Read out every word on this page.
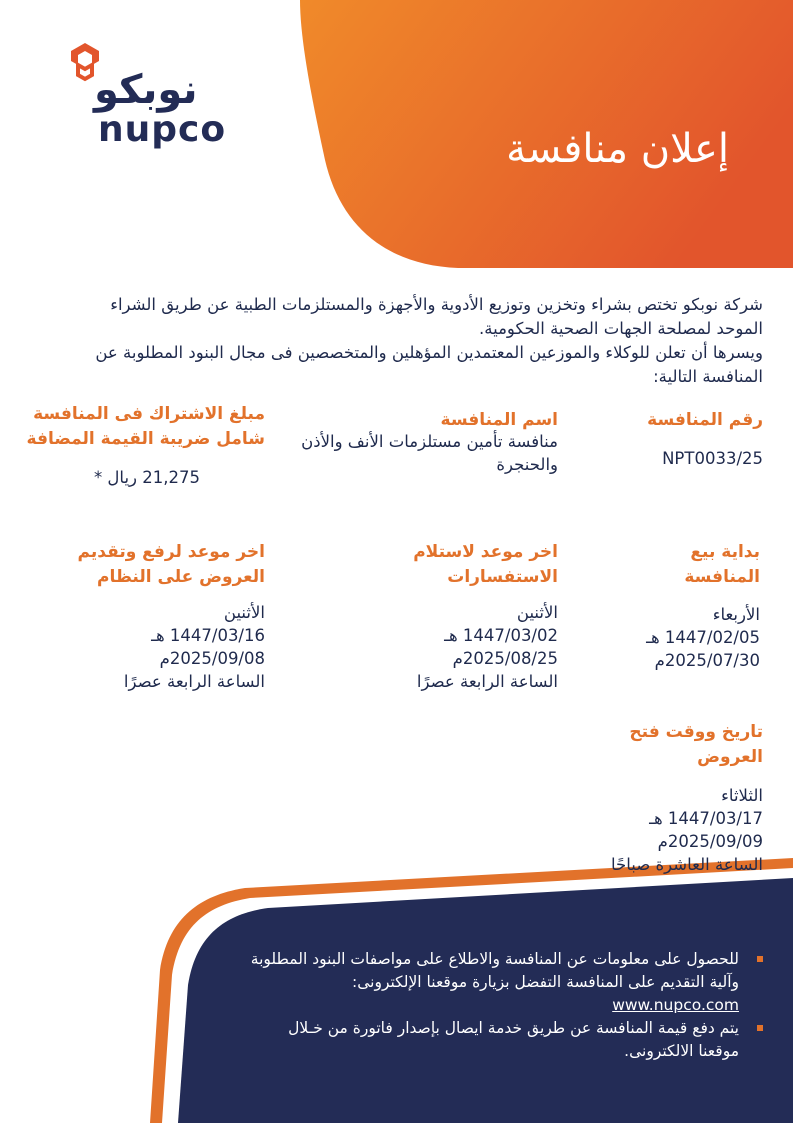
نوبكو
nupco	إعلان منافسة

شركة نوبكو تختص بشراء وتخزين وتوزيع الأدوية والأجهزة والمستلزمات الطبية عن طريق الشراء الموحد لمصلحة الجهات الصحية الحكومية.

ويسرها أن تعلن للوكلاء والموزعين المعتمدين المؤهلين والمتخصصين فى مجال البنود المطلوبة عن المنافسة التالية:

رقم المنافسة
NPT0033/25
اسم المنافسة
منافسة تأمين مستلزمات الأنف والأذن والحنجرة
مبلغ الاشتراك فى المنافسة
شامل ضريبة القيمة المضافة
21,275 ريال *
بداية بيع
المنافسة
الأربعاء
1447/02/05 هـ
2025/07/30م
اخر موعد لاستلام
الاستفسارات
الأثنين
1447/03/02 هـ
2025/08/25م
الساعة الرابعة عصرًا
اخر موعد لرفع وتقديم
العروض على النظام
الأثنين
1447/03/16 هـ
2025/09/08م
الساعة الرابعة عصرًا
تاريخ ووقت فتح
العروض
الثلاثاء
1447/03/17 هـ
2025/09/09م
الساعة العاشرة صباحًا
للحصول على معلومات عن المنافسة والاطلاع على مواصفات البنود المطلوبة وآلية التقديم على المنافسة التفضل بزيارة موقعنا الإلكترونى:
www.nupco.com
يتم دفع قيمة المنافسة عن طريق خدمة ايصال بإصدار فاتورة من خـلال موقعنا الالكترونى.
